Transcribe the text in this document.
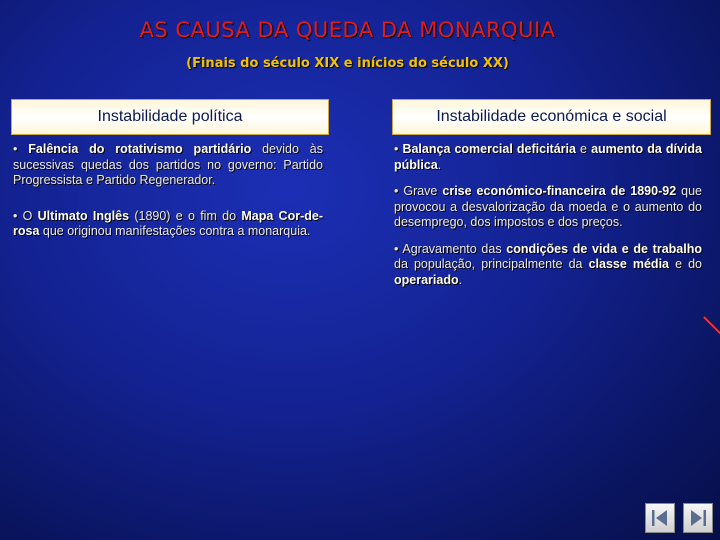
AS CAUSA DA QUEDA DA MONARQUIA
(Finais do século XIX e inícios do século XX)
Instabilidade política	Instabilidade económica e social

• Falência do rotativismo partidário devido às sucessivas quedas dos partidos no governo: Partido Progressista e Partido Regenerador.

• O Ultimato Inglês (1890) e o fim do Mapa Cor-de-rosa que originou manifestações contra a monarquia.

• Balança comercial deficitária e aumento da dívida pública.

• Grave crise económico-financeira de 1890-92 que provocou a desvalorização da moeda e o aumento do desemprego, dos impostos e dos preços.

• Agravamento das condições de vida e de trabalho da população, principalmente da classe média e do operariado.
